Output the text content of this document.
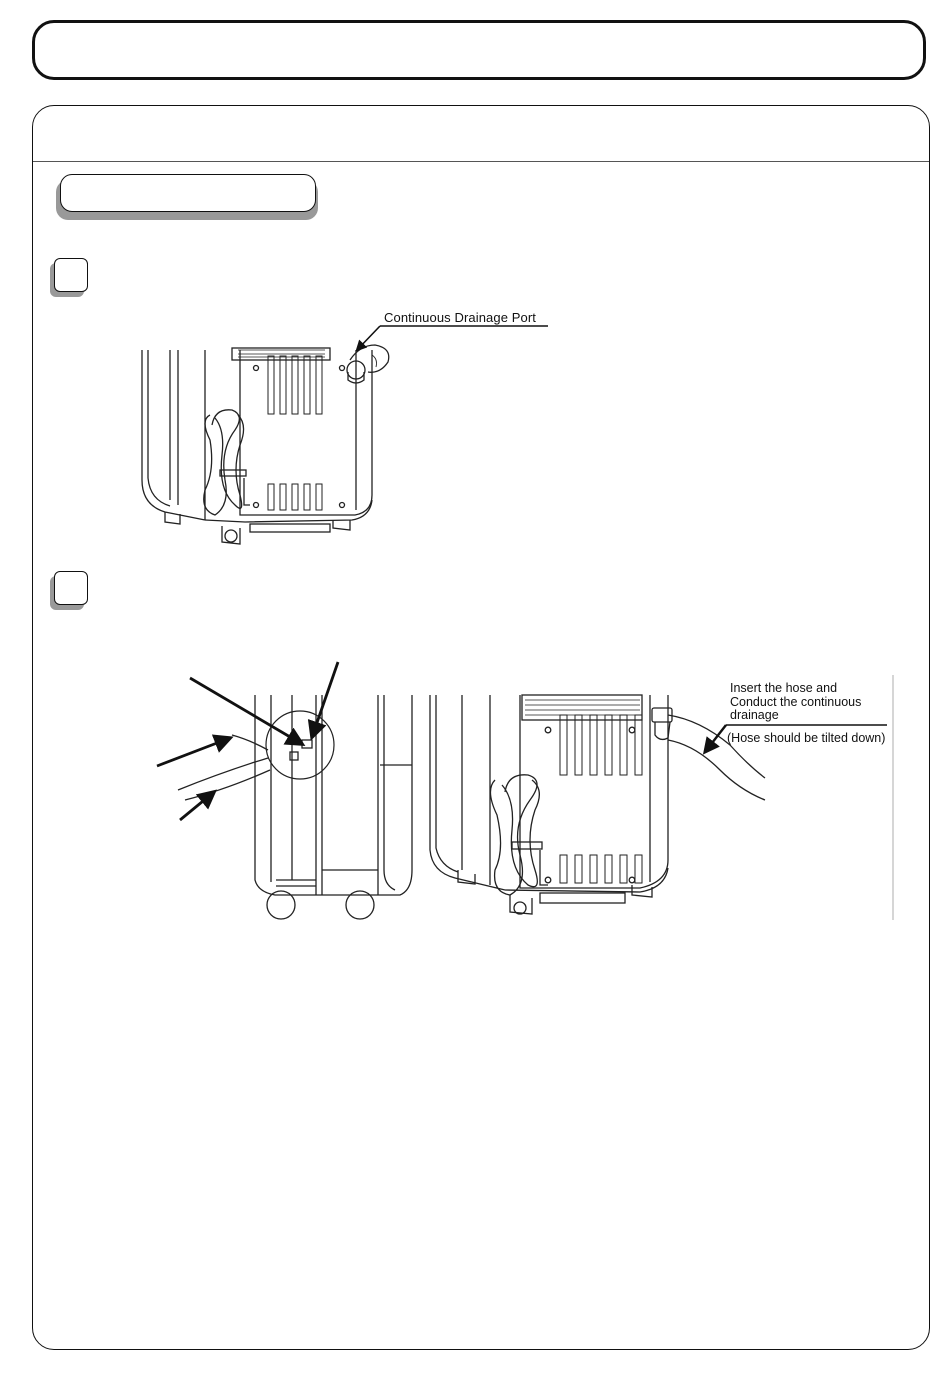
Continuous Drainage Port
Insert the hose and
Conduct the continuous
drainage
(Hose should be tilted down)
